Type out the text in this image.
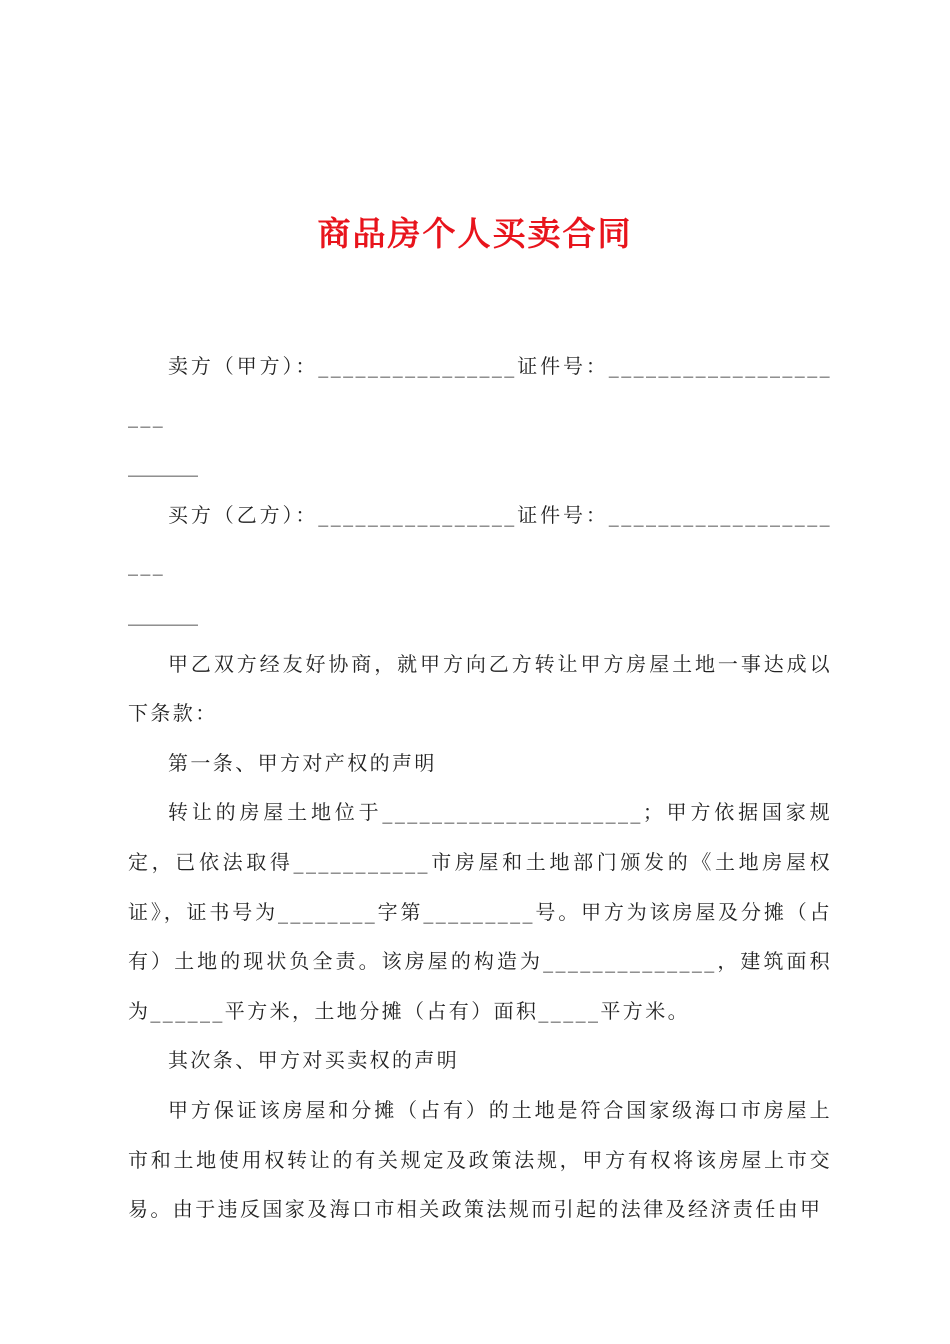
商品房个人买卖合同

卖方（甲方）：________________证件号：_____________________

_______

买方（乙方）：________________证件号：_____________________

_______

甲乙双方经友好协商，就甲方向乙方转让甲方房屋土地一事达成以下条款：

第一条、甲方对产权的声明

转让的房屋土地位于_____________________；甲方依据国家规定，已依法取得___________市房屋和土地部门颁发的《土地房屋权证》，证书号为________字第_________号。甲方为该房屋及分摊（占有）土地的现状负全责。该房屋的构造为______________，建筑面积为______平方米，土地分摊（占有）面积_____平方米。

其次条、甲方对买卖权的声明

甲方保证该房屋和分摊（占有）的土地是符合国家级海口市房屋上市和土地使用权转让的有关规定及政策法规，甲方有权将该房屋上市交易。由于违反国家及海口市相关政策法规而引起的法律及经济责任由甲
